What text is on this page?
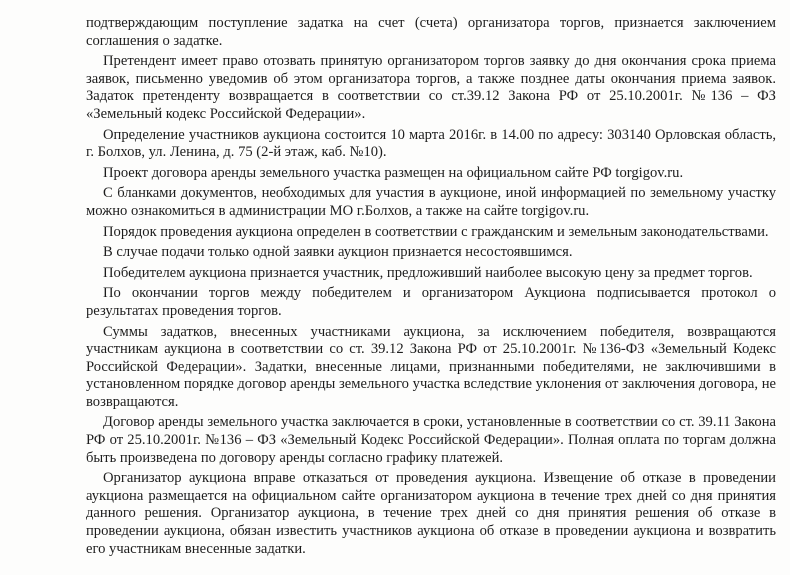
подтверждающим поступление задатка на счет (счета) организатора торгов, признается заключением соглашения о задатке.

Претендент имеет право отозвать принятую организатором торгов заявку до дня окончания срока приема заявок, письменно уведомив об этом организатора торгов, а также позднее даты окончания приема заявок. Задаток претенденту возвращается в соответствии со ст.39.12 Закона РФ от 25.10.2001г. №136 – ФЗ «Земельный кодекс Российской Федерации».

Определение участников аукциона состоится 10 марта 2016г. в 14.00 по адресу: 303140 Орловская область, г. Болхов, ул. Ленина, д. 75 (2-й этаж, каб. №10).

Проект договора аренды земельного участка размещен на официальном сайте РФ torgigov.ru.

С бланками документов, необходимых для участия в аукционе, иной информацией по земельному участку можно ознакомиться в администрации МО г.Болхов, а также на сайте torgigov.ru.

Порядок проведения аукциона определен в соответствии с гражданским и земельным законодательствами.

В случае подачи только одной заявки аукцион признается несостоявшимся.

Победителем аукциона признается участник, предложивший наиболее высокую цену за предмет торгов.

По окончании торгов между победителем и организатором Аукциона подписывается протокол о результатах проведения торгов.

Суммы задатков, внесенных участниками аукциона, за исключением победителя, возвращаются участникам аукциона в соответствии со ст. 39.12 Закона РФ от 25.10.2001г. №136-ФЗ «Земельный Кодекс Российской Федерации». Задатки, внесенные лицами, признанными победителями, не заключившими в установленном порядке договор аренды земельного участка вследствие уклонения от заключения договора, не возвращаются.

Договор аренды земельного участка заключается в сроки, установленные в соответствии со ст. 39.11 Закона РФ от 25.10.2001г. №136 – ФЗ «Земельный Кодекс Российской Федерации». Полная оплата по торгам должна быть произведена по договору аренды согласно графику платежей.

Организатор аукциона вправе отказаться от проведения аукциона. Извещение об отказе в проведении аукциона размещается на официальном сайте организатором аукциона в течение трех дней со дня принятия данного решения. Организатор аукциона, в течение трех дней со дня принятия решения об отказе в проведении аукциона, обязан известить участников аукциона об отказе в проведении аукциона и возвратить его участникам внесенные задатки.
